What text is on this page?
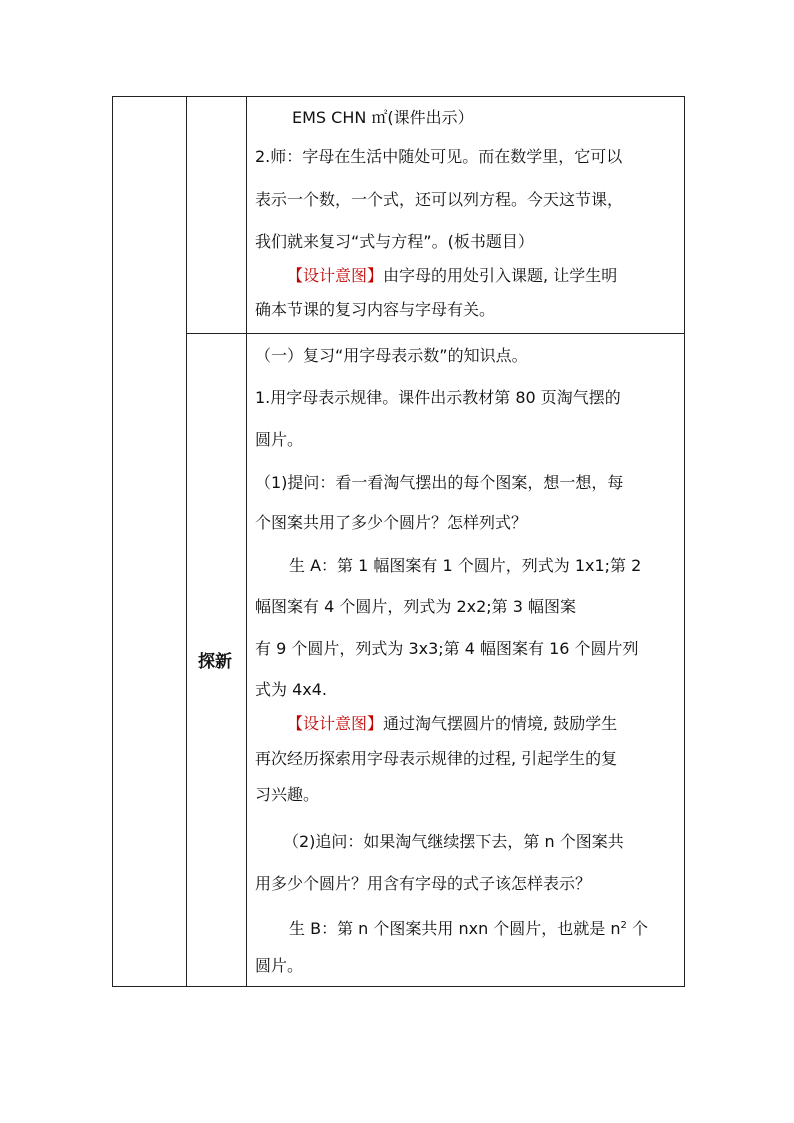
EMS CHN ㎡(课件出示）
2.师：字母在生活中随处可见。而在数学里，它可以
表示一个数，一个式，还可以列方程。今天这节课，
我们就来复习“式与方程”。(板书题目）
【设计意图】由字母的用处引入课题, 让学生明
确本节课的复习内容与字母有关。
探新
（一）复习“用字母表示数”的知识点。
1.用字母表示规律。课件出示教材第 80 页淘气摆的
圆片。
（1)提问：看一看淘气摆出的每个图案，想一想，每
个图案共用了多少个圆片？怎样列式？
生 A：第 1 幅图案有 1 个圆片，列式为 1x1;第 2
幅图案有 4 个圆片，列式为 2x2;第 3 幅图案
有 9 个圆片，列式为 3x3;第 4 幅图案有 16 个圆片列
式为 4x4.
【设计意图】通过淘气摆圆片的情境, 鼓励学生
再次经历探索用字母表示规律的过程, 引起学生的复
习兴趣。
（2)追问：如果淘气继续摆下去，第 n 个图案共
用多少个圆片？用含有字母的式子该怎样表示？
生 B：第 n 个图案共用 nxn 个圆片，也就是 $n^2$ 个
圆片。
